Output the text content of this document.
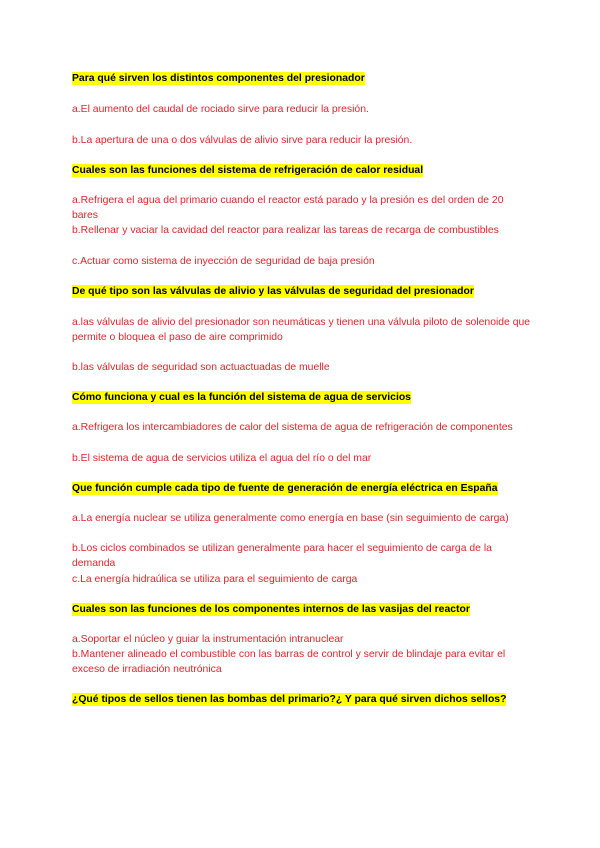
Para qué sirven los distintos componentes del presionador

a.El aumento del caudal de rociado sirve para reducir la presión.

b.La apertura de una o dos válvulas de alivio sirve para reducir la presión.

Cuales son las funciones del sistema de refrigeración de calor residual

a.Refrigera el agua del primario cuando el reactor está parado y la presión es del orden de 20 bares

b.Rellenar y vaciar la cavidad del reactor para realizar las tareas de recarga de combustibles

c.Actuar como sistema de inyección de seguridad de baja presión

De qué tipo son las válvulas de alivio y las válvulas de seguridad del presionador

a.las válvulas de alivio del presionador son neumáticas y tienen una válvula piloto de solenoide que permite o bloquea el paso de aire comprimido

b.las válvulas de seguridad son actuactuadas de muelle

Cómo funciona y cual es la función del sistema de agua de servicios

a.Refrigera los intercambiadores de calor del sistema de agua de refrigeración de componentes

b.El sistema de agua de servicios utiliza el agua del río o del mar

Que función cumple cada tipo de fuente de generación de energía eléctrica en España

a.La energía nuclear se utiliza generalmente como energía en base (sin seguimiento de carga)

b.Los ciclos combinados se utilizan generalmente para hacer el seguimiento de carga de la demanda

c.La energía hidraúlica se utiliza para el seguimiento de carga

Cuales son las funciones de los componentes internos de las vasijas del reactor

a.Soportar el núcleo y guiar la instrumentación intranuclear

b.Mantener alineado el combustible con las barras de control y servir de blindaje para evitar el exceso de irradiación neutrónica

¿Qué tipos de sellos tienen las bombas del primario?¿ Y para qué sirven dichos sellos?
